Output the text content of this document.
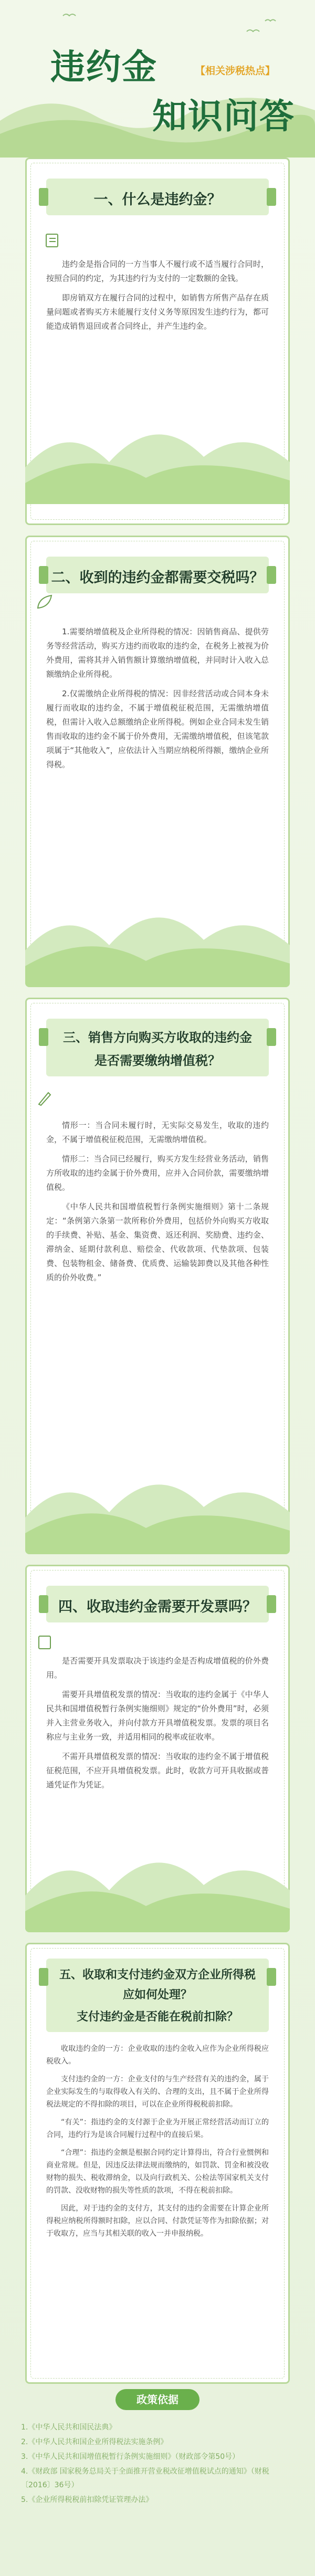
违约金	【相关涉税热点】
知识问答
一、什么是违约金？

违约金是指合同的一方当事人不履行或不适当履行合同时，按照合同的约定，为其违约行为支付的一定数额的金钱。

即房销双方在履行合同的过程中，如销售方所售产品存在质量问题或者购买方未能履行支付义务等原因发生违约行为，都可能造成销售退回或者合同终止，并产生违约金。

二、收到的违约金都需要交税吗？

1.需要纳增值税及企业所得税的情况：因销售商品、提供劳务等经营活动，购买方违约而收取的违约金，在税务上被视为价外费用，需将其并入销售额计算缴纳增值税，并同时计入收入总额缴纳企业所得税。

2.仅需缴纳企业所得税的情况：因非经营活动或合同本身未履行而收取的违约金，不属于增值税征税范围，无需缴纳增值税，但需计入收入总额缴纳企业所得税。例如企业合同未发生销售而收取的违约金不属于价外费用，无需缴纳增值税，但该笔款项属于“其他收入”，应依法计入当期应纳税所得额，缴纳企业所得税。

三、销售方向购买方收取的违约金
是否需要缴纳增值税？

情形一：当合同未履行时，无实际交易发生，收取的违约金，不属于增值税征税范围，无需缴纳增值税。

情形二：当合同已经履行，购买方发生经营业务活动，销售方所收取的违约金属于价外费用，应并入合同价款，需要缴纳增值税。

《中华人民共和国增值税暂行条例实施细则》第十二条规定：“条例第六条第一款所称价外费用，包括价外向购买方收取的手续费、补贴、基金、集资费、返还利润、奖励费、违约金、滞纳金、延期付款利息、赔偿金、代收款项、代垫款项、包装费、包装物租金、储备费、优质费、运输装卸费以及其他各种性质的价外收费。”

四、收取违约金需要开发票吗？

是否需要开具发票取决于该违约金是否构成增值税的价外费用。

需要开具增值税发票的情况：当收取的违约金属于《中华人民共和国增值税暂行条例实施细则》规定的“价外费用”时，必须并入主营业务收入，并向付款方开具增值税发票。发票的项目名称应与主业务一致，并适用相同的税率或征收率。

不需开具增值税发票的情况：当收取的违约金不属于增值税征税范围，不应开具增值税发票。此时，收款方可开具收据或普通凭证作为凭证。

五、收取和支付违约金双方企业所得税
应如何处理？
支付违约金是否能在税前扣除？

收取违约金的一方：企业收取的违约金收入应作为企业所得税应税收入。

支付违约金的一方：企业支付的与生产经营有关的违约金，属于企业实际发生的与取得收入有关的、合理的支出，且不属于企业所得税法规定的不得扣除的项目，可以在企业所得税税前扣除。

“有关”：指违约金的支付源于企业为开展正常经营活动而订立的合同，违约行为是该合同履行过程中的直接后果。

“合理”：指违约金额是根据合同约定计算得出，符合行业惯例和商业常规。但是，因违反法律法规而缴纳的，如罚款、罚金和被没收财物的损失、税收滞纳金，以及向行政机关、公检法等国家机关支付的罚款、没收财物的损失等性质的款项，不得在税前扣除。

因此，对于违约金的支付方，其支付的违约金需要在计算企业所得税应纳税所得额时扣除，应以合同、付款凭证等作为扣除依据；对于收取方，应当与其相关联的收入一并申报纳税。

政策依据
1.《中华人民共和国民法典》
2.《中华人民共和国企业所得税法实施条例》
3.《中华人民共和国增值税暂行条例实施细则》（财政部令第50号）
4.《财政部 国家税务总局关于全面推开营业税改征增值税试点的通知》（财税〔2016〕36号）
5.《企业所得税税前扣除凭证管理办法》
